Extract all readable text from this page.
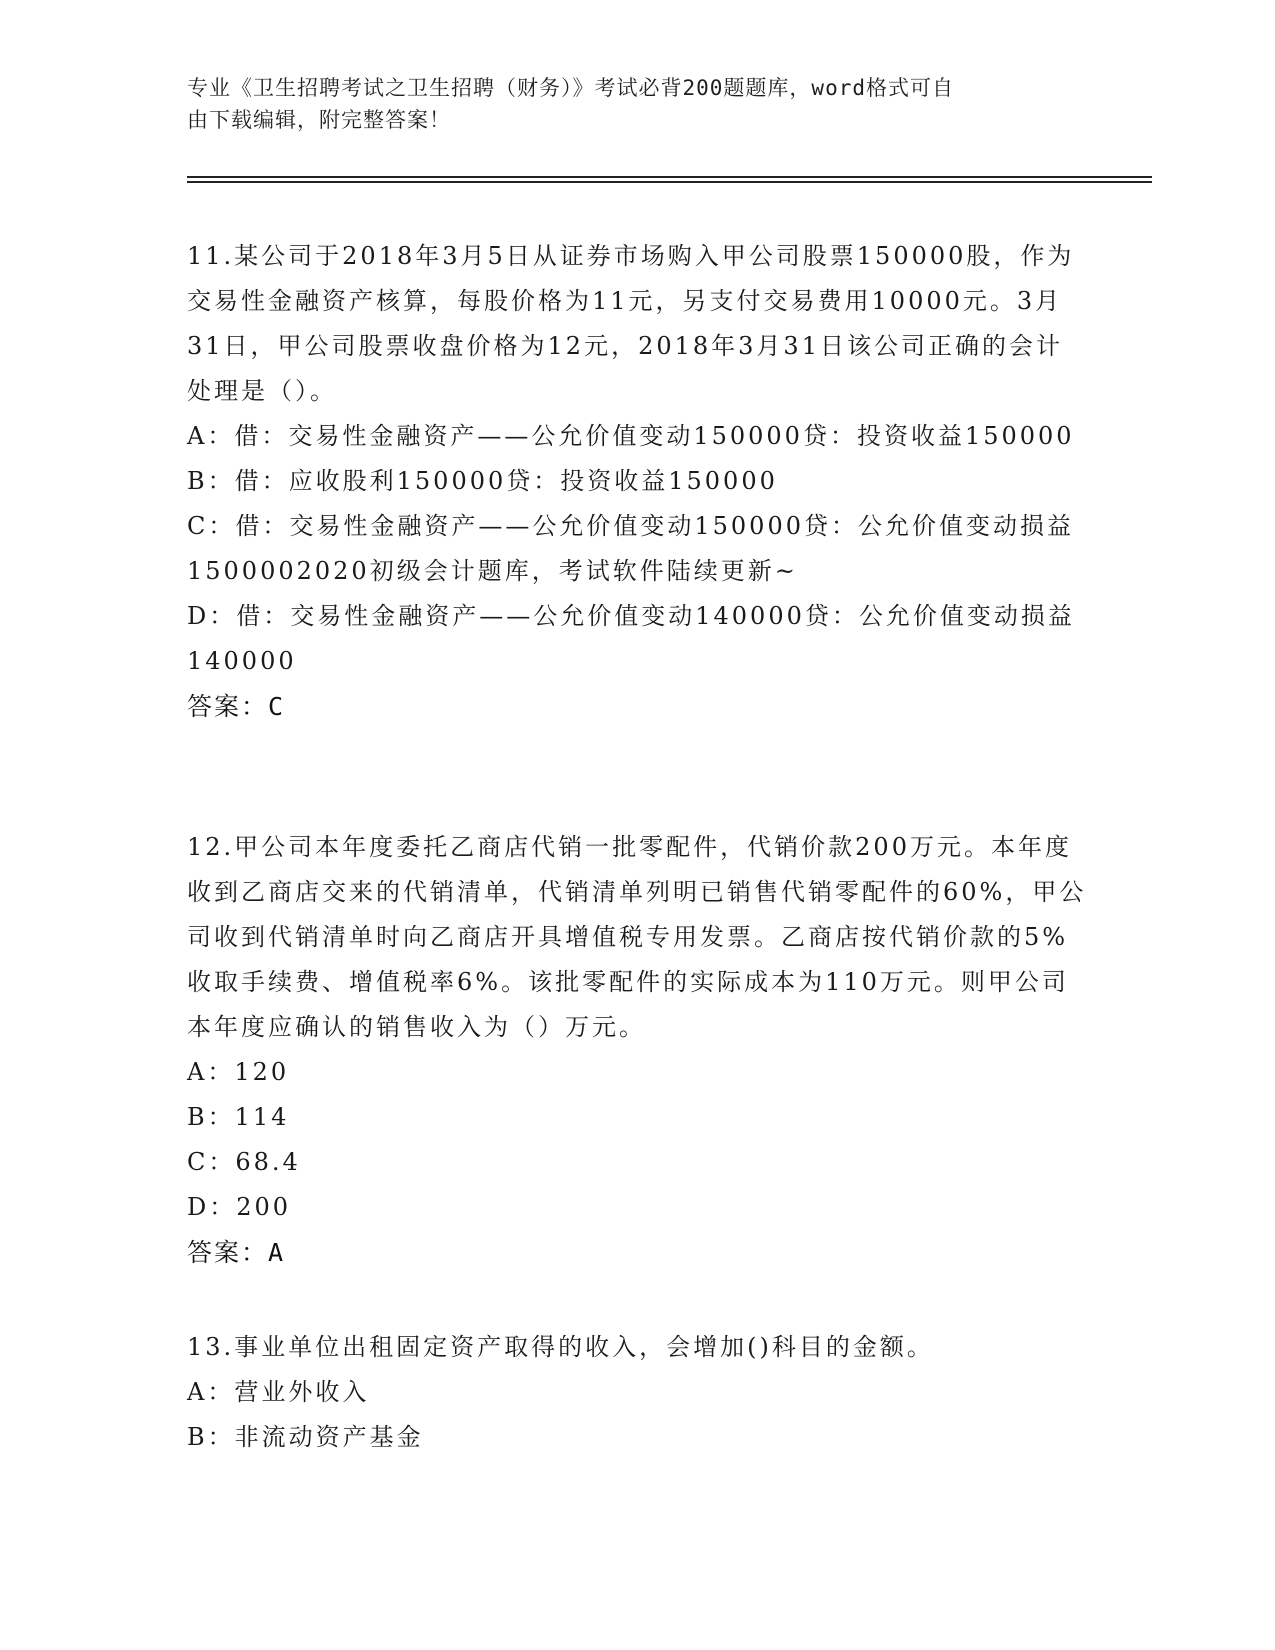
专业《卫生招聘考试之卫生招聘（财务）》考试必背200题题库，word格式可自
由下载编辑，附完整答案！

11.某公司于2018年3月5日从证券市场购入甲公司股票150000股，作为交易性金融资产核算，每股价格为11元，另支付交易费用10000元。3月31日，甲公司股票收盘价格为12元，2018年3月31日该公司正确的会计处理是（）。

A：借：交易性金融资产——公允价值变动150000贷：投资收益150000

B：借：应收股利150000贷：投资收益150000

C：借：交易性金融资产——公允价值变动150000贷：公允价值变动损益1500002020初级会计题库，考试软件陆续更新~

D：借：交易性金融资产——公允价值变动140000贷：公允价值变动损益140000

答案：C

12.甲公司本年度委托乙商店代销一批零配件，代销价款200万元。本年度收到乙商店交来的代销清单，代销清单列明已销售代销零配件的60%，甲公司收到代销清单时向乙商店开具增值税专用发票。乙商店按代销价款的5%收取手续费、增值税率6%。该批零配件的实际成本为110万元。则甲公司本年度应确认的销售收入为（）万元。

A：120

B：114

C：68.4

D：200

答案：A

13.事业单位出租固定资产取得的收入，会增加()科目的金额。

A：营业外收入

B：非流动资产基金
